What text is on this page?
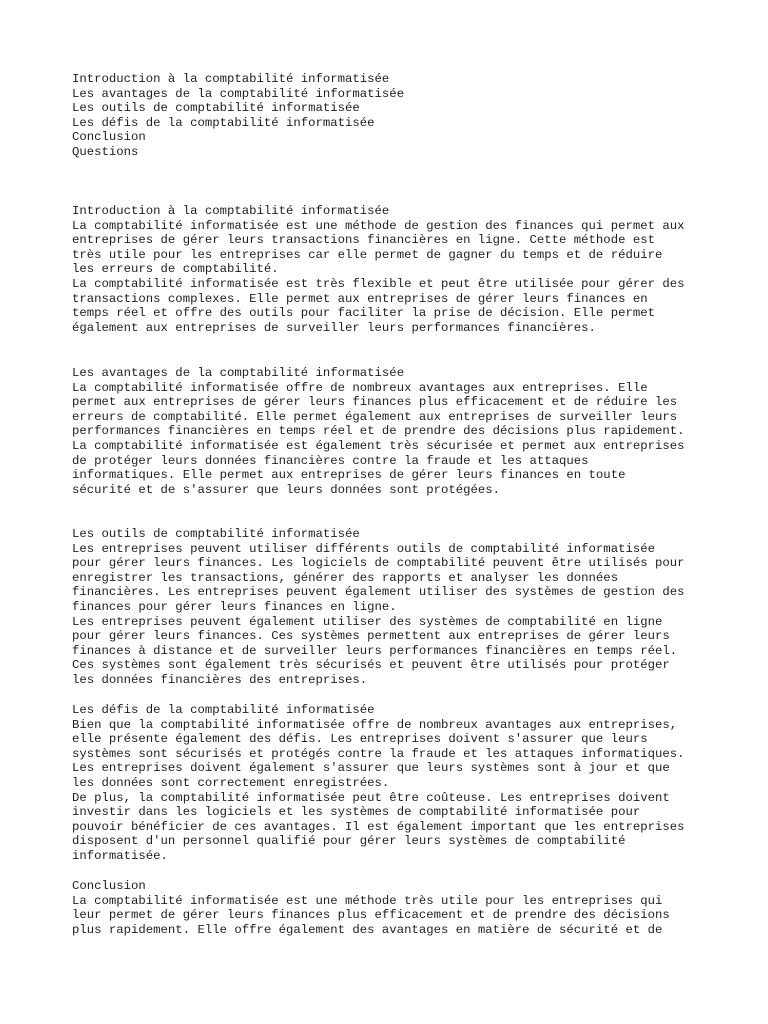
Introduction à la comptabilité informatisée
Les avantages de la comptabilité informatisée
Les outils de comptabilité informatisée
Les défis de la comptabilité informatisée
Conclusion
Questions
Introduction à la comptabilité informatisée
La comptabilité informatisée est une méthode de gestion des finances qui permet aux
entreprises de gérer leurs transactions financières en ligne. Cette méthode est
très utile pour les entreprises car elle permet de gagner du temps et de réduire
les erreurs de comptabilité.
La comptabilité informatisée est très flexible et peut être utilisée pour gérer des
transactions complexes. Elle permet aux entreprises de gérer leurs finances en
temps réel et offre des outils pour faciliter la prise de décision. Elle permet
également aux entreprises de surveiller leurs performances financières.
Les avantages de la comptabilité informatisée
La comptabilité informatisée offre de nombreux avantages aux entreprises. Elle
permet aux entreprises de gérer leurs finances plus efficacement et de réduire les
erreurs de comptabilité. Elle permet également aux entreprises de surveiller leurs
performances financières en temps réel et de prendre des décisions plus rapidement.
La comptabilité informatisée est également très sécurisée et permet aux entreprises
de protéger leurs données financières contre la fraude et les attaques
informatiques. Elle permet aux entreprises de gérer leurs finances en toute
sécurité et de s'assurer que leurs données sont protégées.
Les outils de comptabilité informatisée
Les entreprises peuvent utiliser différents outils de comptabilité informatisée
pour gérer leurs finances. Les logiciels de comptabilité peuvent être utilisés pour
enregistrer les transactions, générer des rapports et analyser les données
financières. Les entreprises peuvent également utiliser des systèmes de gestion des
finances pour gérer leurs finances en ligne.
Les entreprises peuvent également utiliser des systèmes de comptabilité en ligne
pour gérer leurs finances. Ces systèmes permettent aux entreprises de gérer leurs
finances à distance et de surveiller leurs performances financières en temps réel.
Ces systèmes sont également très sécurisés et peuvent être utilisés pour protéger
les données financières des entreprises.
Les défis de la comptabilité informatisée
Bien que la comptabilité informatisée offre de nombreux avantages aux entreprises,
elle présente également des défis. Les entreprises doivent s'assurer que leurs
systèmes sont sécurisés et protégés contre la fraude et les attaques informatiques.
Les entreprises doivent également s'assurer que leurs systèmes sont à jour et que
les données sont correctement enregistrées.
De plus, la comptabilité informatisée peut être coûteuse. Les entreprises doivent
investir dans les logiciels et les systèmes de comptabilité informatisée pour
pouvoir bénéficier de ces avantages. Il est également important que les entreprises
disposent d'un personnel qualifié pour gérer leurs systèmes de comptabilité
informatisée.
Conclusion
La comptabilité informatisée est une méthode très utile pour les entreprises qui
leur permet de gérer leurs finances plus efficacement et de prendre des décisions
plus rapidement. Elle offre également des avantages en matière de sécurité et de
